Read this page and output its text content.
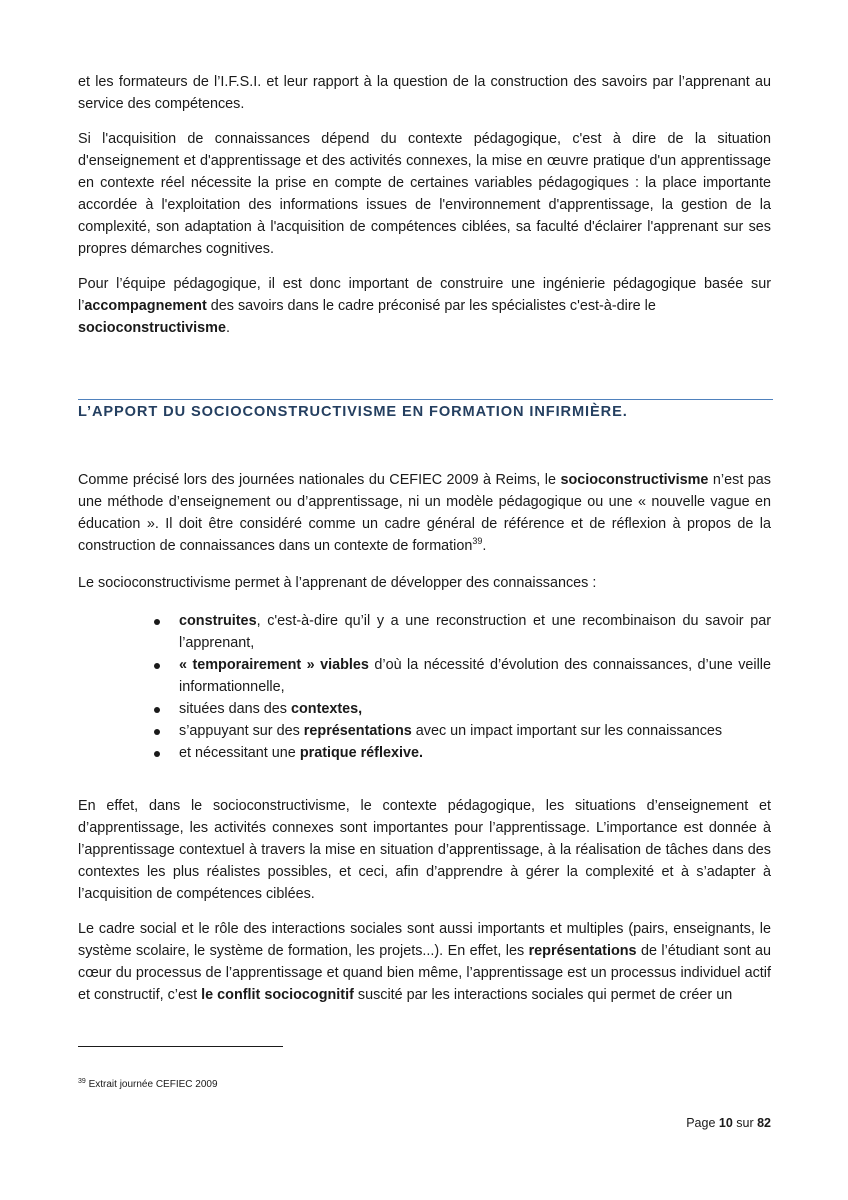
et les formateurs de l’I.F.S.I. et leur rapport à la question de la construction des savoirs par l’apprenant au service des compétences.

Si l'acquisition de connaissances dépend du contexte pédagogique, c'est à dire de la situation d'enseignement et d'apprentissage et des activités connexes, la mise en œuvre pratique d'un apprentissage en contexte réel nécessite la prise en compte de certaines variables pédagogiques : la place importante accordée à l'exploitation des informations issues de l'environnement d'apprentissage, la gestion de la complexité, son adaptation à l'acquisition de compétences ciblées, sa faculté d'éclairer l'apprenant sur ses propres démarches cognitives.

Pour l’équipe pédagogique, il est donc important de construire une ingénierie pédagogique basée sur l’accompagnement des savoirs dans le cadre préconisé par les spécialistes c'est-à-dire le
socioconstructivisme.

L’APPORT DU SOCIOCONSTRUCTIVISME EN FORMATION INFIRMIÈRE.

Comme précisé lors des journées nationales du CEFIEC 2009 à Reims, le socioconstructivisme n’est pas une méthode d’enseignement ou d’apprentissage, ni un modèle pédagogique ou une « nouvelle vague en éducation ». Il doit être considéré comme un cadre général de référence et de réflexion à propos de la construction de connaissances dans un contexte de formation$^{39}$.

Le socioconstructivisme permet à l’apprenant de développer des connaissances :

construites, c'est-à-dire qu’il y a une reconstruction et une recombinaison du savoir par l’apprenant,
« temporairement » viables d’où la nécessité d’évolution des connaissances, d’une veille informationnelle,
situées dans des contextes,
s’appuyant sur des représentations avec un impact important sur les connaissances
et nécessitant une pratique réflexive.

En effet, dans le socioconstructivisme, le contexte pédagogique, les situations d’enseignement et d’apprentissage, les activités connexes sont importantes pour l’apprentissage. L’importance est donnée à l’apprentissage contextuel à travers la mise en situation d’apprentissage, à la réalisation de tâches dans des contextes les plus réalistes possibles, et ceci, afin d’apprendre à gérer la complexité et à s’adapter à l’acquisition de compétences ciblées.

Le cadre social et le rôle des interactions sociales sont aussi importants et multiples (pairs, enseignants, le système scolaire, le système de formation, les projets...). En effet, les représentations de l’étudiant sont au cœur du processus de l’apprentissage et quand bien même, l’apprentissage est un processus individuel actif et constructif, c’est le conflit sociocognitif suscité par les interactions sociales qui permet de créer un

$^{39}$ Extrait journée CEFIEC 2009

Page 10 sur 82
